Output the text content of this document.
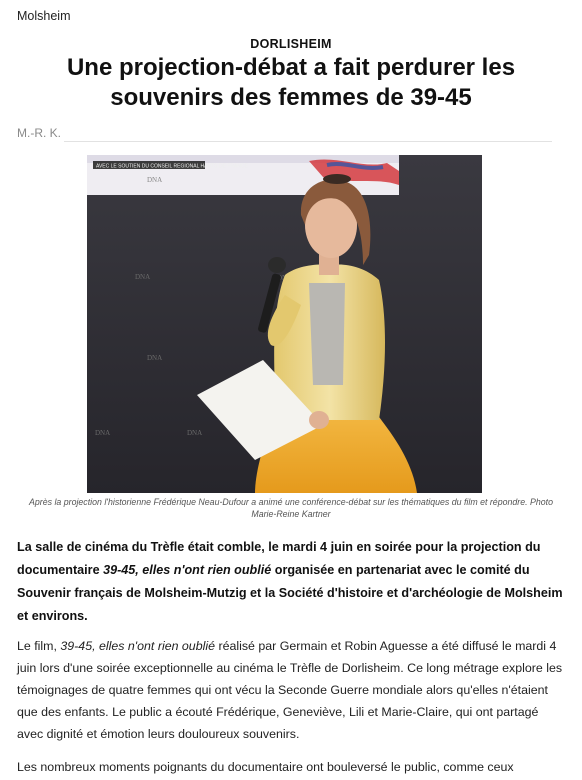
Molsheim
DORLISHEIM
Une projection-débat a fait perdurer les souvenirs des femmes de 39-45
M.-R. K.
AVEC LE SOUTIEN DU CONSEIL REGIONAL HAUTS DE FRANCE
DNA
DNA
DNA
DNA
DNA
Après la projection l'historienne Frédérique Neau-Dufour a animé une conférence-débat sur les thématiques du film et répondre. Photo Marie-Reine Kartner

La salle de cinéma du Trèfle était comble, le mardi 4 juin en soirée pour la projection du documentaire 39-45, elles n'ont rien oublié organisée en partenariat avec le comité du Souvenir français de Molsheim-Mutzig et la Société d'histoire et d'archéologie de Molsheim et environs.

Le film, 39-45, elles n'ont rien oublié réalisé par Germain et Robin Aguesse a été diffusé le mardi 4 juin lors d'une soirée exceptionnelle au cinéma le Trèfle de Dorlisheim. Ce long métrage explore les témoignages de quatre femmes qui ont vécu la Seconde Guerre mondiale alors qu'elles n'étaient que des enfants. Le public a écouté Frédérique, Geneviève, Lili et Marie-Claire, qui ont partagé avec dignité et émotion leurs douloureux souvenirs.

Les nombreux moments poignants du documentaire ont bouleversé le public, comme ceux
